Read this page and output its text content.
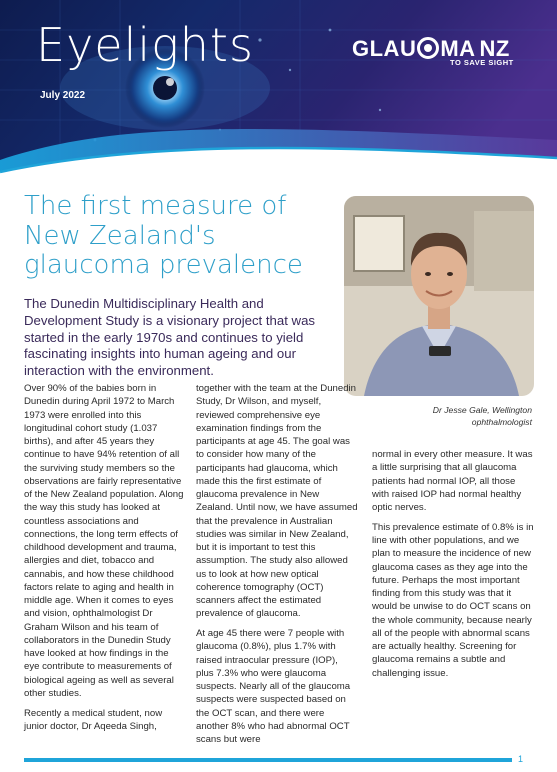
Eyelights
July 2022
GLAU MA NZ
TO SAVE SIGHT
The first measure of New Zealand's glaucoma prevalence

The Dunedin Multidisciplinary Health and Development Study is a visionary project that was started in the early 1970s and continues to yield fascinating insights into human ageing and our interaction with the environment.

Dr Jesse Gale, Wellington
ophthalmologist

Over 90% of the babies born in Dunedin during April 1972 to March 1973 were enrolled into this longitudinal cohort study (1.037 births), and after 45 years they continue to have 94% retention of all the surviving study members so the observations are fairly representative of the New Zealand population. Along the way this study has looked at countless associations and connections, the long term effects of childhood development and trauma, allergies and diet, tobacco and cannabis, and how these childhood factors relate to aging and health in middle age. When it comes to eyes and vision, ophthalmologist Dr Graham Wilson and his team of collaborators in the Dunedin Study have looked at how findings in the eye contribute to measurements of biological ageing as well as several other studies.

Recently a medical student, now junior doctor, Dr Aqeeda Singh,

together with the team at the Dunedin Study, Dr Wilson, and myself, reviewed comprehensive eye examination findings from the participants at age 45. The goal was to consider how many of the participants had glaucoma, which made this the first estimate of glaucoma prevalence in New Zealand. Until now, we have assumed that the prevalence in Australian studies was similar in New Zealand, but it is important to test this assumption. The study also allowed us to look at how new optical coherence tomography (OCT) scanners affect the estimated prevalence of glaucoma.

At age 45 there were 7 people with glaucoma (0.8%), plus 1.7% with raised intraocular pressure (IOP), plus 7.3% who were glaucoma suspects. Nearly all of the glaucoma suspects were suspected based on the OCT scan, and there were another 8% who had abnormal OCT scans but were

normal in every other measure. It was a little surprising that all glaucoma patients had normal IOP, all those with raised IOP had normal healthy optic nerves.

This prevalence estimate of 0.8% is in line with other populations, and we plan to measure the incidence of new glaucoma cases as they age into the future. Perhaps the most important finding from this study was that it would be unwise to do OCT scans on the whole community, because nearly all of the people with abnormal scans are actually healthy. Screening for glaucoma remains a subtle and challenging issue.

1
